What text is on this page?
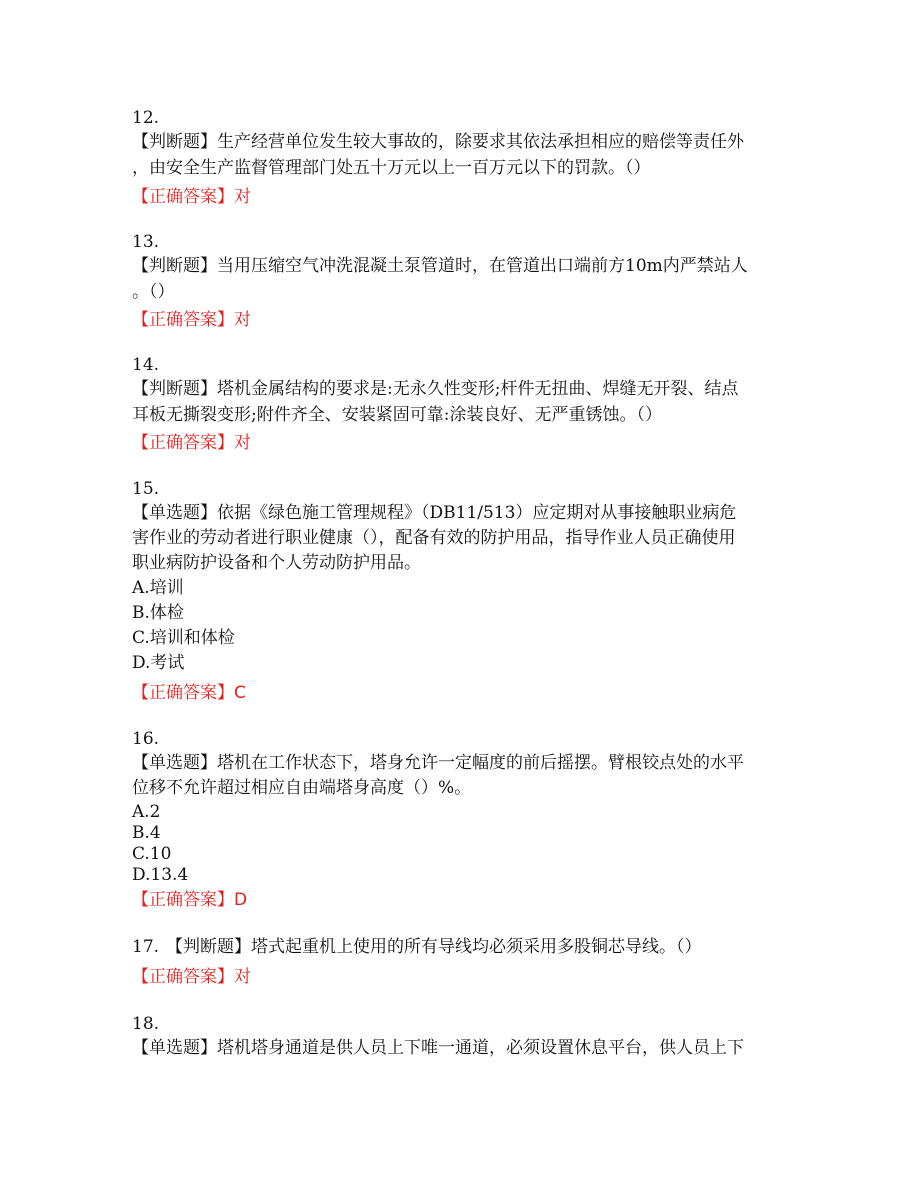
12.
【判断题】生产经营单位发生较大事故的，除要求其依法承担相应的赔偿等责任外
，由安全生产监督管理部门处五十万元以上一百万元以下的罚款。（）
【正确答案】对
13.
【判断题】当用压缩空气冲洗混凝土泵管道时，在管道出口端前方10m内严禁站人
。（）
【正确答案】对
14.
【判断题】塔机金属结构的要求是:无永久性变形;杆件无扭曲、焊缝无开裂、结点
耳板无撕裂变形;附件齐全、安装紧固可靠:涂装良好、无严重锈蚀。（）
【正确答案】对
15.
【单选题】依据《绿色施工管理规程》（DB11/513）应定期对从事接触职业病危
害作业的劳动者进行职业健康（），配备有效的防护用品，指导作业人员正确使用
职业病防护设备和个人劳动防护用品。
A.培训
B.体检
C.培训和体检
D.考试
【正确答案】C
16.
【单选题】塔机在工作状态下，塔身允许一定幅度的前后摇摆。臂根铰点处的水平
位移不允许超过相应自由端塔身高度（）%。
A.2
B.4
C.10
D.13.4
【正确答案】D
17. 【判断题】塔式起重机上使用的所有导线均必须采用多股铜芯导线。（）
【正确答案】对
18.
【单选题】塔机塔身通道是供人员上下唯一通道，必须设置休息平台，供人员上下
